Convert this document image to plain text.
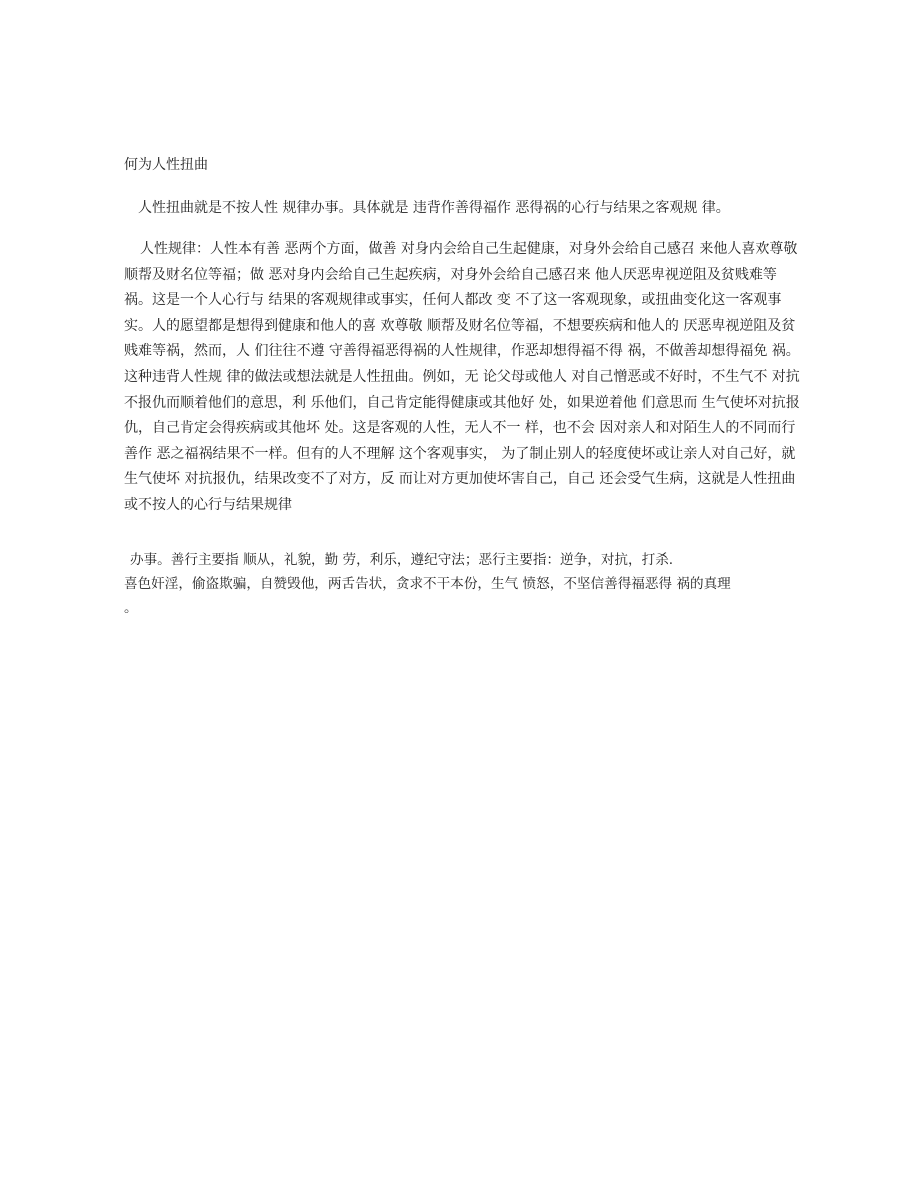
何为人性扭曲
人性扭曲就是不按人性 规律办事。具体就是 违背作善得福作 恶得祸的心行与结果之客观规 律。

人性规律：人性本有善 恶两个方面，做善 对身内会给自己生起健康，对身外会给自己感召 来他人喜欢尊敬顺帮及财名位等福；做 恶对身内会给自己生起疾病，对身外会给自己感召来 他人厌恶卑视逆阻及贫贱难等祸。这是一个人心行与 结果的客观规律或事实，任何人都改 变 不了这一客观现象，或扭曲变化这一客观事实。人的愿望都是想得到健康和他人的喜 欢尊敬 顺帮及财名位等福，不想要疾病和他人的 厌恶卑视逆阻及贫贱难等祸，然而，人 们往往不遵 守善得福恶得祸的人性规律，作恶却想得福不得 祸，不做善却想得福免 祸。这种违背人性规 律的做法或想法就是人性扭曲。例如，无 论父母或他人 对自己憎恶或不好时，不生气不 对抗 不报仇而顺着他们的意思，利 乐他们，自己肯定能得健康或其他好 处，如果逆着他 们意思而 生气使坏对抗报仇，自己肯定会得疾病或其他坏 处。这是客观的人性，无人不一 样，也不会 因对亲人和对陌生人的不同而行善作 恶之福祸结果不一样。但有的人不理解 这个客观事实， 为了制止别人的轻度使坏或让亲人对自己好，就生气使坏 对抗报仇，结果改变不了对方，反 而让对方更加使坏害自己，自己 还会受气生病，这就是人性扭曲或不按人的心行与结果规律

办事。善行主要指 顺从，礼貌，勤 劳，利乐，遵纪守法；恶行主要指：逆争，对抗，打杀.
喜色奸淫，偷盗欺骗，自赞毁他，两舌告状，贪求不干本份，生气 愤怒，不坚信善得福恶得 祸的真理
。
